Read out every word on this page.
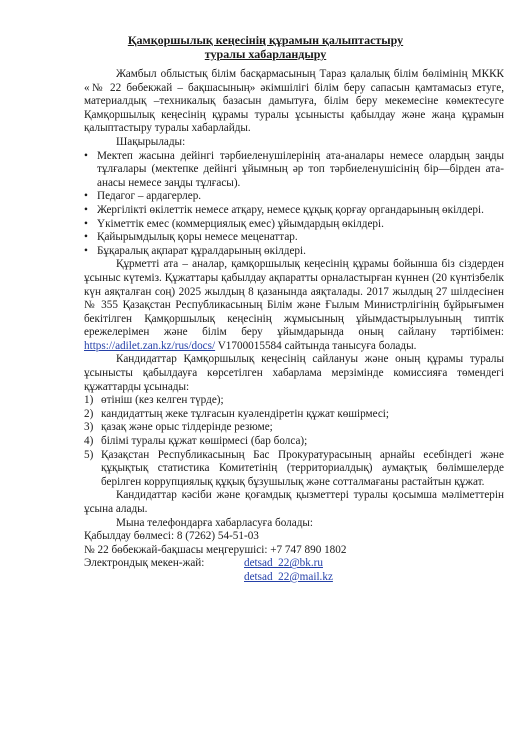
Қамқоршылық кеңесінің құрамын қалыптастыру
туралы хабарландыру

Жамбыл облыстық білім басқармасының Тараз қалалық білім бөлімінің МККК «№ 22 бөбекжай – бақшасының» әкімшілігі білім беру сапасын қамтамасыз етуге, материалдық –техникалық базасын дамытуға, білім беру мекемесіне көмектесуге Қамқоршылық кеңесінің құрамы туралы ұсынысты қабылдау және жаңа құрамын қалыптастыру туралы хабарлайды.

Шақырылады:

• Мектеп жасына дейінгі тәрбиеленушілерінің ата-аналары немесе олардың заңды тұлғалары (мектепке дейінгі ұйымның әр топ тәрбиеленушісінің бір—бірден ата-анасы немесе заңды тұлғасы).
• Педагог – ардагерлер.
• Жергілікті өкілеттік немесе атқару, немесе құқық қорғау органдарының өкілдері.
• Үкіметтік емес (коммерциялық емес) ұйымдардың өкілдері.
• Қайырымдылық қоры немесе меценаттар.
• Бұқаралық ақпарат құралдарының өкілдері.

Құрметті ата – аналар, қамқоршылық кеңесінің құрамы бойынша біз сіздерден ұсыныс күтеміз. Құжаттары қабылдау ақпаратты орналастырған күннен (20 күнтізбелік күн аяқталған соң) 2025 жылдың 8 қазанында аяқталады. 2017 жылдың 27 шілдесінен № 355 Қазақстан Республикасының Білім және Ғылым Министрлігінің бұйрығымен бекітілген Қамқоршылық кеңесінің жұмысының ұйымдастырылуының типтік ережелерімен және білім беру ұйымдарында оның сайлану тәртібімен: https://adilet.zan.kz/rus/docs/ V1700015584 сайтында танысуға болады.

Кандидаттар Қамқоршылық кеңесінің сайлануы және оның құрамы туралы ұсынысты қабылдауға көрсетілген хабарлама мерзімінде комиссияға төмендегі құжаттарды ұсынады:

1) өтініш (кез келген түрде);
2) кандидаттың жеке тұлғасын куәлендіретін құжат көшірмесі;
3) қазақ және орыс тілдерінде резюме;
4) білімі туралы құжат көшірмесі (бар болса);
5) Қазақстан Республикасының Бас Прокуратурасының арнайы есебіндегі және құқықтық статистика Комитетінің (территориалдық) аумақтық бөлімшелерде берілген коррупциялық құқық бұзушылық және сотталмағаны растайтын құжат.

Кандидаттар кәсіби және қоғамдық қызметтері туралы қосымша мәліметтерін ұсына алады.

Мына телефондарға хабарласуға болады:

Қабылдау бөлмесі: 8 (7262) 54-51-03
№ 22 бөбекжай-бақшасы меңгерушісі: +7 747 890 1802
Электрондық мекен-жай:	detsad_22@bk.ru
detsad_22@mail.kz
